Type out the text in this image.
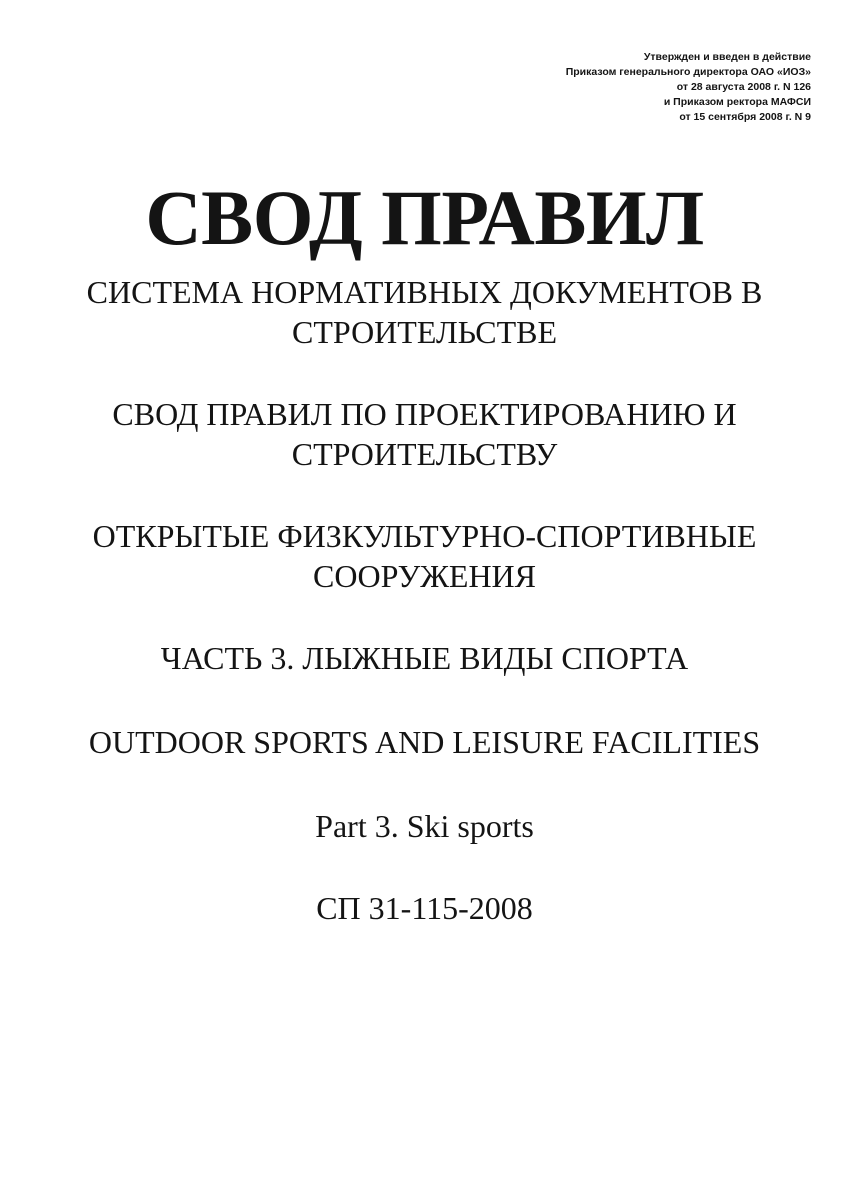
Утвержден и введен в действие
Приказом генерального директора ОАО «ИОЗ»
от 28 августа 2008 г. N 126
и Приказом ректора МАФСИ
от 15 сентября 2008 г. N 9
СВОД ПРАВИЛ
СИСТЕМА НОРМАТИВНЫХ ДОКУМЕНТОВ В
СТРОИТЕЛЬСТВЕ
СВОД ПРАВИЛ ПО ПРОЕКТИРОВАНИЮ И
СТРОИТЕЛЬСТВУ
ОТКРЫТЫЕ ФИЗКУЛЬТУРНО-СПОРТИВНЫЕ
СООРУЖЕНИЯ
ЧАСТЬ 3. ЛЫЖНЫЕ ВИДЫ СПОРТА
OUTDOOR SPORTS AND LEISURE FACILITIES
Part 3. Ski sports
СП 31-115-2008
